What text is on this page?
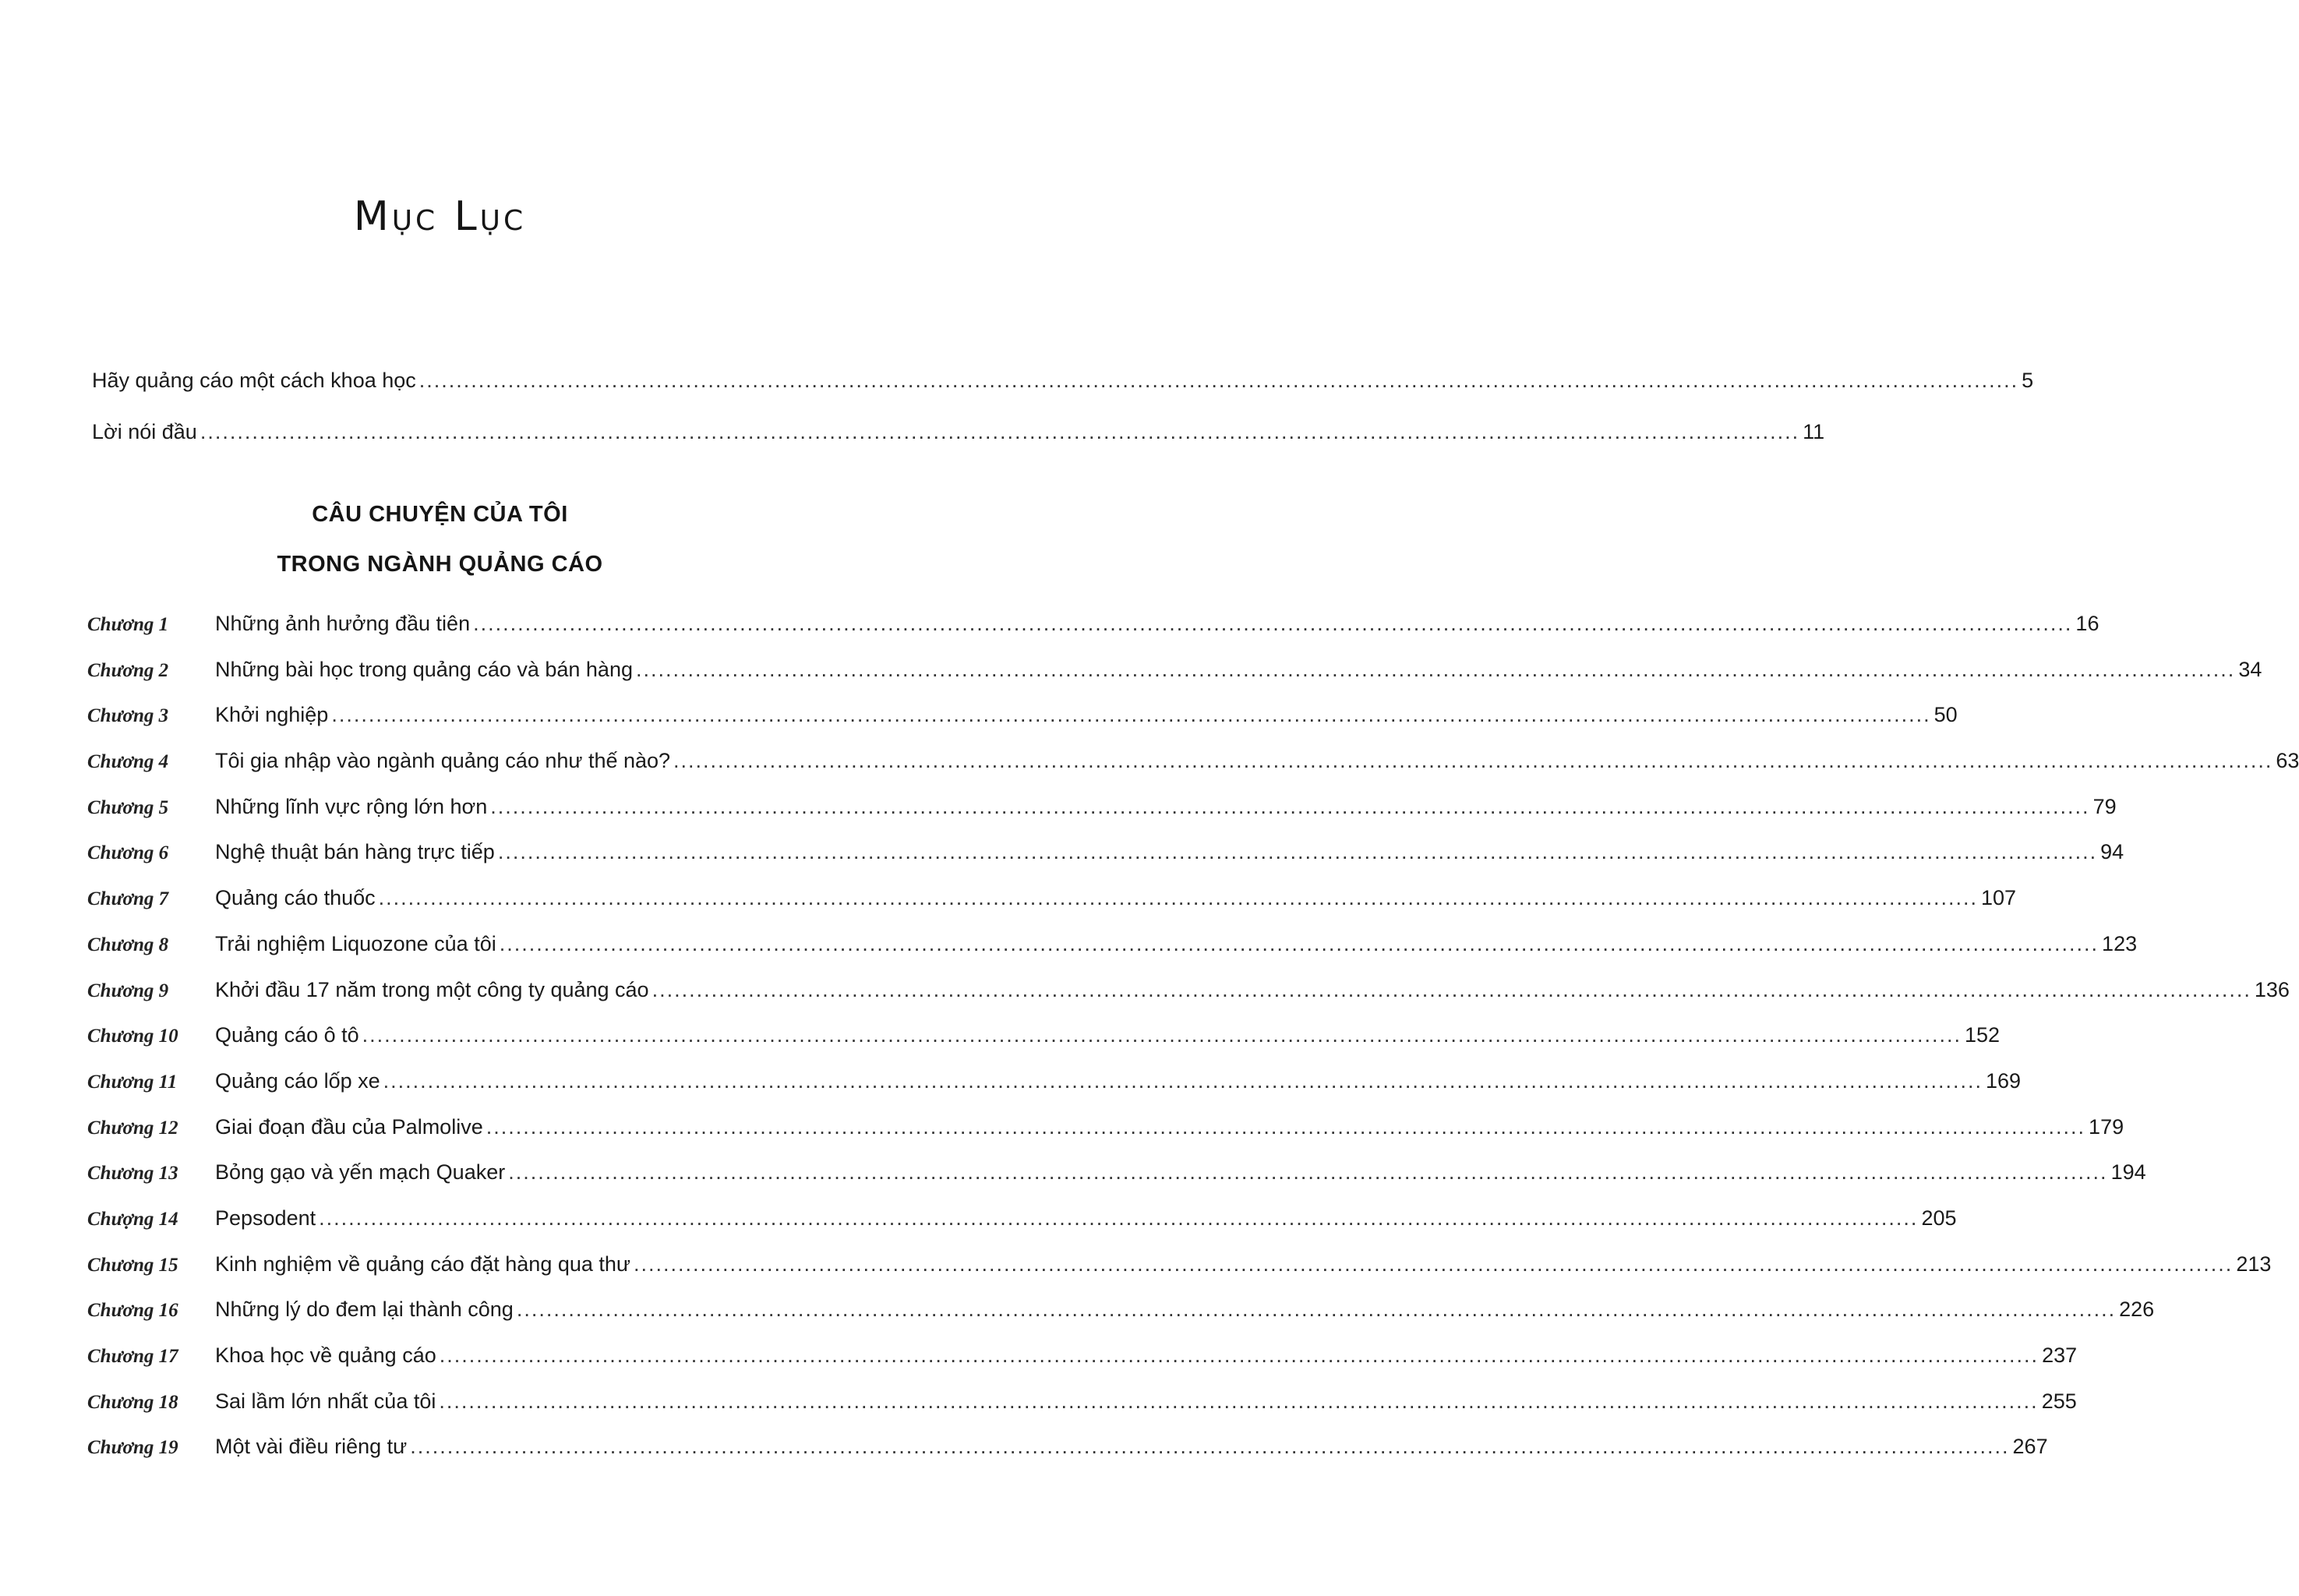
Mục Lục
Hãy quảng cáo một cách khoa học .....	5
Lời nói đầu .....	11
CÂU CHUYỆN CỦA TÔI
TRONG NGÀNH QUẢNG CÁO
Chương 1	Những ảnh hưởng đầu tiên .....	16
Chương 2	Những bài học trong quảng cáo và bán hàng .....	34
Chương 3	Khởi nghiệp .....	50
Chương 4	Tôi gia nhập vào ngành quảng cáo như thế nào? .....	63
Chương 5	Những lĩnh vực rộng lớn hơn .....	79
Chương 6	Nghệ thuật bán hàng trực tiếp .....	94
Chương 7	Quảng cáo thuốc .....	107
Chương 8	Trải nghiệm Liquozone của tôi .....	123
Chương 9	Khởi đầu 17 năm trong một công ty quảng cáo .....	136
Chương 10	Quảng cáo ô tô .....	152
Chương 11	Quảng cáo lốp xe .....	169
Chương 12	Giai đoạn đầu của Palmolive .....	179
Chương 13	Bỏng gạo và yến mạch Quaker .....	194
Chượng 14	Pepsodent .....	205
Chương 15	Kinh nghiệm về quảng cáo đặt hàng qua thư .....	213
Chương 16	Những lý do đem lại thành công .....	226
Chương 17	Khoa học về quảng cáo .....	237
Chương 18	Sai lầm lớn nhất của tôi .....	255
Chương 19	Một vài điều riêng tư .....	267
